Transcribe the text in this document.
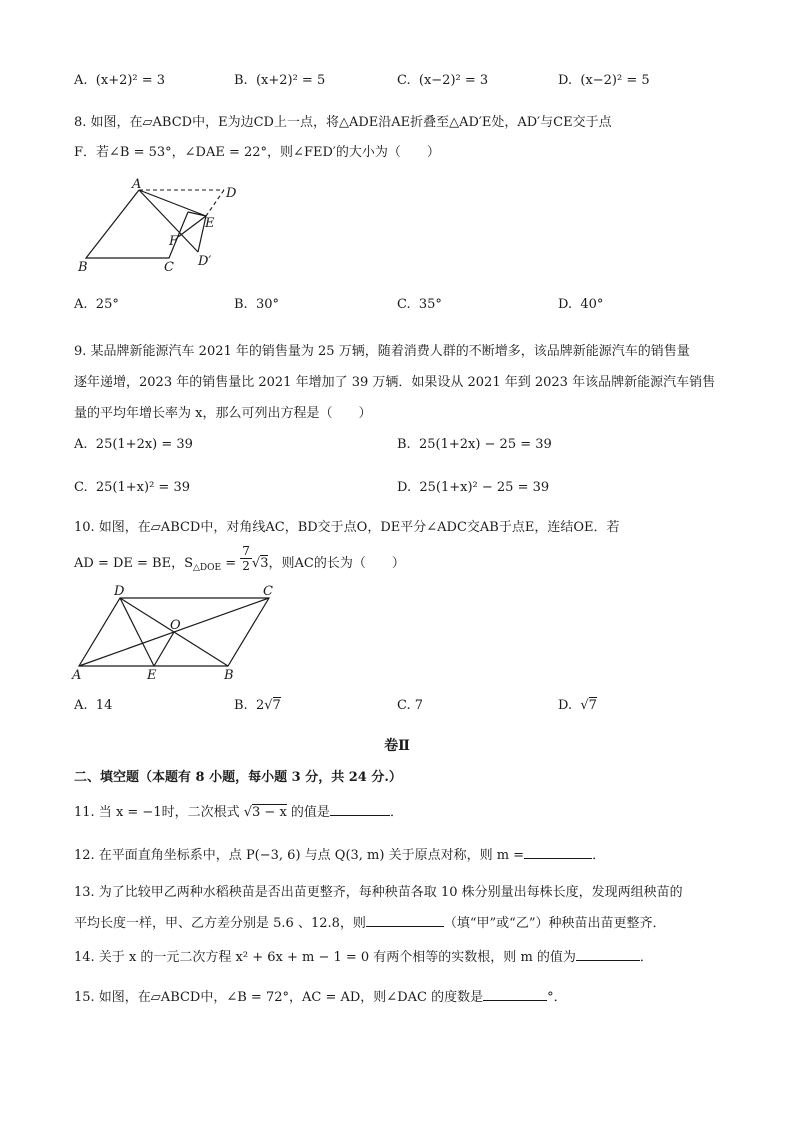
A. (x+2)² = 3	B. (x+2)² = 5	C. (x−2)² = 3	D. (x−2)² = 5
8. 如图，在▱ABCD中，E为边CD上一点，将△ADE沿AE折叠至△AD′E处，AD′与CE交于点
F．若∠B = 53°，∠DAE = 22°，则∠FED′的大小为（　　）
A
D
E
F
B	C D′
A. 25°	B. 30°	C. 35°	D. 40°
9. 某品牌新能源汽车 2021 年的销售量为 25 万辆，随着消费人群的不断增多，该品牌新能源汽车的销售量
逐年递增，2023 年的销售量比 2021 年增加了 39 万辆．如果设从 2021 年到 2023 年该品牌新能源汽车销售
量的平均年增长率为 x，那么可列出方程是（　　）
A. 25(1+2x) = 39	B. 25(1+2x) − 25 = 39
C. 25(1+x)² = 39	D. 25(1+x)² − 25 = 39
10. 如图，在▱ABCD中，对角线AC，BD交于点O，DE平分∠ADC交AB于点E，连结OE．若
AD = DE = BE，$S_{\triangle DOE} = \frac{7}{2} √3$，则AC的长为（　　）
D	C
O
A	E	B
A. 14	B. 2√7	C. 7	D. √7
卷Ⅱ
二、填空题（本题有 8 小题，每小题 3 分，共 24 分.）
11. 当 x = −1时，二次根式 √3 − x 的值是	．
12. 在平面直角坐标系中，点 P(−3, 6) 与点 Q(3, m) 关于原点对称，则 m =	．
13. 为了比较甲乙两种水稻秧苗是否出苗更整齐，每种秧苗各取 10 株分别量出每株长度，发现两组秧苗的
平均长度一样，甲、乙方差分别是 5.6 、12.8，则	（填“甲”或“乙”）种秧苗出苗更整齐．
14. 关于 x 的一元二次方程 x² + 6x + m − 1 = 0 有两个相等的实数根，则 m 的值为	．
15. 如图，在▱ABCD中，∠B = 72°，AC = AD，则∠DAC 的度数是	°．
